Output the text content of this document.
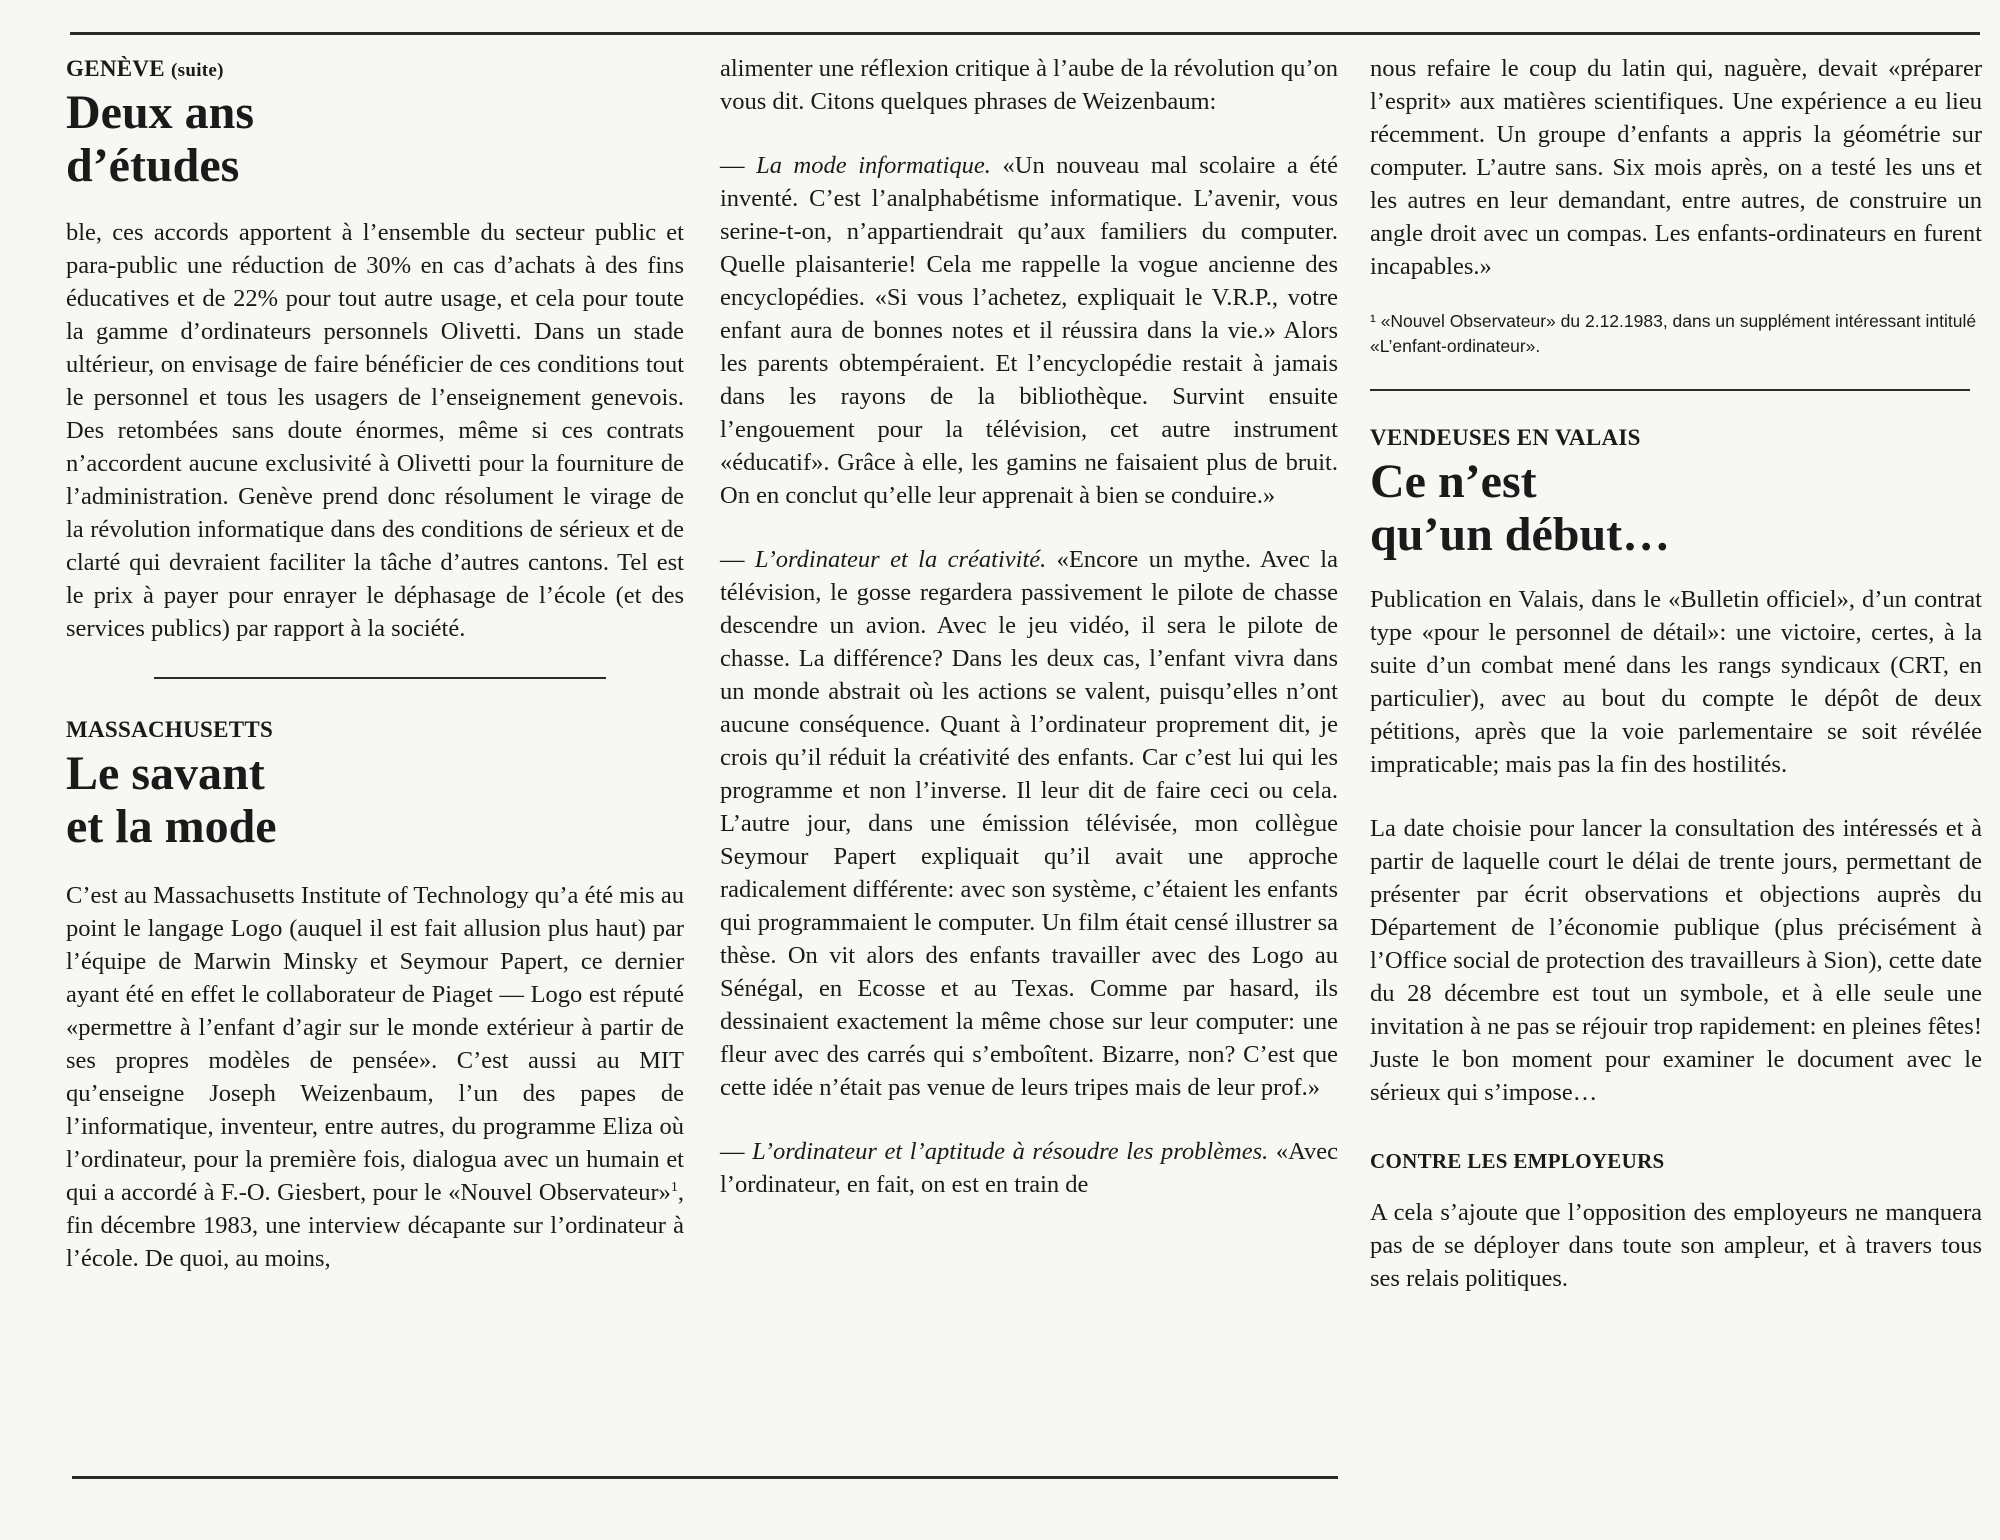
GENÈVE (suite)

Deux ans
d’études

ble, ces accords apportent à l’ensemble du secteur public et para-public une réduction de 30% en cas d’achats à des fins éducatives et de 22% pour tout autre usage, et cela pour toute la gamme d’ordinateurs personnels Olivetti. Dans un stade ultérieur, on envisage de faire bénéficier de ces conditions tout le personnel et tous les usagers de l’enseignement genevois. Des retombées sans doute énormes, même si ces contrats n’accordent aucune exclusivité à Olivetti pour la fourniture de l’administration. Genève prend donc résolument le virage de la révolution informatique dans des conditions de sérieux et de clarté qui devraient faciliter la tâche d’autres cantons. Tel est le prix à payer pour enrayer le déphasage de l’école (et des services publics) par rapport à la société.

MASSACHUSETTS

Le savant
et la mode

C’est au Massachusetts Institute of Technology qu’a été mis au point le langage Logo (auquel il est fait allusion plus haut) par l’équipe de Marwin Minsky et Seymour Papert, ce dernier ayant été en effet le collaborateur de Piaget — Logo est réputé «permettre à l’enfant d’agir sur le monde extérieur à partir de ses propres modèles de pensée». C’est aussi au MIT qu’enseigne Joseph Weizenbaum, l’un des papes de l’informatique, inventeur, entre autres, du programme Eliza où l’ordinateur, pour la première fois, dialogua avec un humain et qui a accordé à F.-O. Giesbert, pour le «Nouvel Observateur»$^1$, fin décembre 1983, une interview décapante sur l’ordinateur à l’école. De quoi, au moins,

alimenter une réflexion critique à l’aube de la révolution qu’on vous dit. Citons quelques phrases de Weizenbaum:

— La mode informatique. «Un nouveau mal scolaire a été inventé. C’est l’analphabétisme informatique. L’avenir, vous serine-t-on, n’appartiendrait qu’aux familiers du computer. Quelle plaisanterie! Cela me rappelle la vogue ancienne des encyclopédies. «Si vous l’achetez, expliquait le V.R.P., votre enfant aura de bonnes notes et il réussira dans la vie.» Alors les parents obtempéraient. Et l’encyclopédie restait à jamais dans les rayons de la bibliothèque. Survint ensuite l’engouement pour la télévision, cet autre instrument «éducatif». Grâce à elle, les gamins ne faisaient plus de bruit. On en conclut qu’elle leur apprenait à bien se conduire.»

— L’ordinateur et la créativité. «Encore un mythe. Avec la télévision, le gosse regardera passivement le pilote de chasse descendre un avion. Avec le jeu vidéo, il sera le pilote de chasse. La différence? Dans les deux cas, l’enfant vivra dans un monde abstrait où les actions se valent, puisqu’elles n’ont aucune conséquence. Quant à l’ordinateur proprement dit, je crois qu’il réduit la créativité des enfants. Car c’est lui qui les programme et non l’inverse. Il leur dit de faire ceci ou cela. L’autre jour, dans une émission télévisée, mon collègue Seymour Papert expliquait qu’il avait une approche radicalement différente: avec son système, c’étaient les enfants qui programmaient le computer. Un film était censé illustrer sa thèse. On vit alors des enfants travailler avec des Logo au Sénégal, en Ecosse et au Texas. Comme par hasard, ils dessinaient exactement la même chose sur leur computer: une fleur avec des carrés qui s’emboîtent. Bizarre, non? C’est que cette idée n’était pas venue de leurs tripes mais de leur prof.»

— L’ordinateur et l’aptitude à résoudre les problèmes. «Avec l’ordinateur, en fait, on est en train de

nous refaire le coup du latin qui, naguère, devait «préparer l’esprit» aux matières scientifiques. Une expérience a eu lieu récemment. Un groupe d’enfants a appris la géométrie sur computer. L’autre sans. Six mois après, on a testé les uns et les autres en leur demandant, entre autres, de construire un angle droit avec un compas. Les enfants-ordinateurs en furent incapables.»

¹ «Nouvel Observateur» du 2.12.1983, dans un supplément intéressant intitulé «L’enfant-ordinateur».

VENDEUSES EN VALAIS

Ce n’est
qu’un début…

Publication en Valais, dans le «Bulletin officiel», d’un contrat type «pour le personnel de détail»: une victoire, certes, à la suite d’un combat mené dans les rangs syndicaux (CRT, en particulier), avec au bout du compte le dépôt de deux pétitions, après que la voie parlementaire se soit révélée impraticable; mais pas la fin des hostilités.

La date choisie pour lancer la consultation des intéressés et à partir de laquelle court le délai de trente jours, permettant de présenter par écrit observations et objections auprès du Département de l’économie publique (plus précisément à l’Office social de protection des travailleurs à Sion), cette date du 28 décembre est tout un symbole, et à elle seule une invitation à ne pas se réjouir trop rapidement: en pleines fêtes! Juste le bon moment pour examiner le document avec le sérieux qui s’impose…

CONTRE LES EMPLOYEURS

A cela s’ajoute que l’opposition des employeurs ne manquera pas de se déployer dans toute son ampleur, et à travers tous ses relais politiques.
